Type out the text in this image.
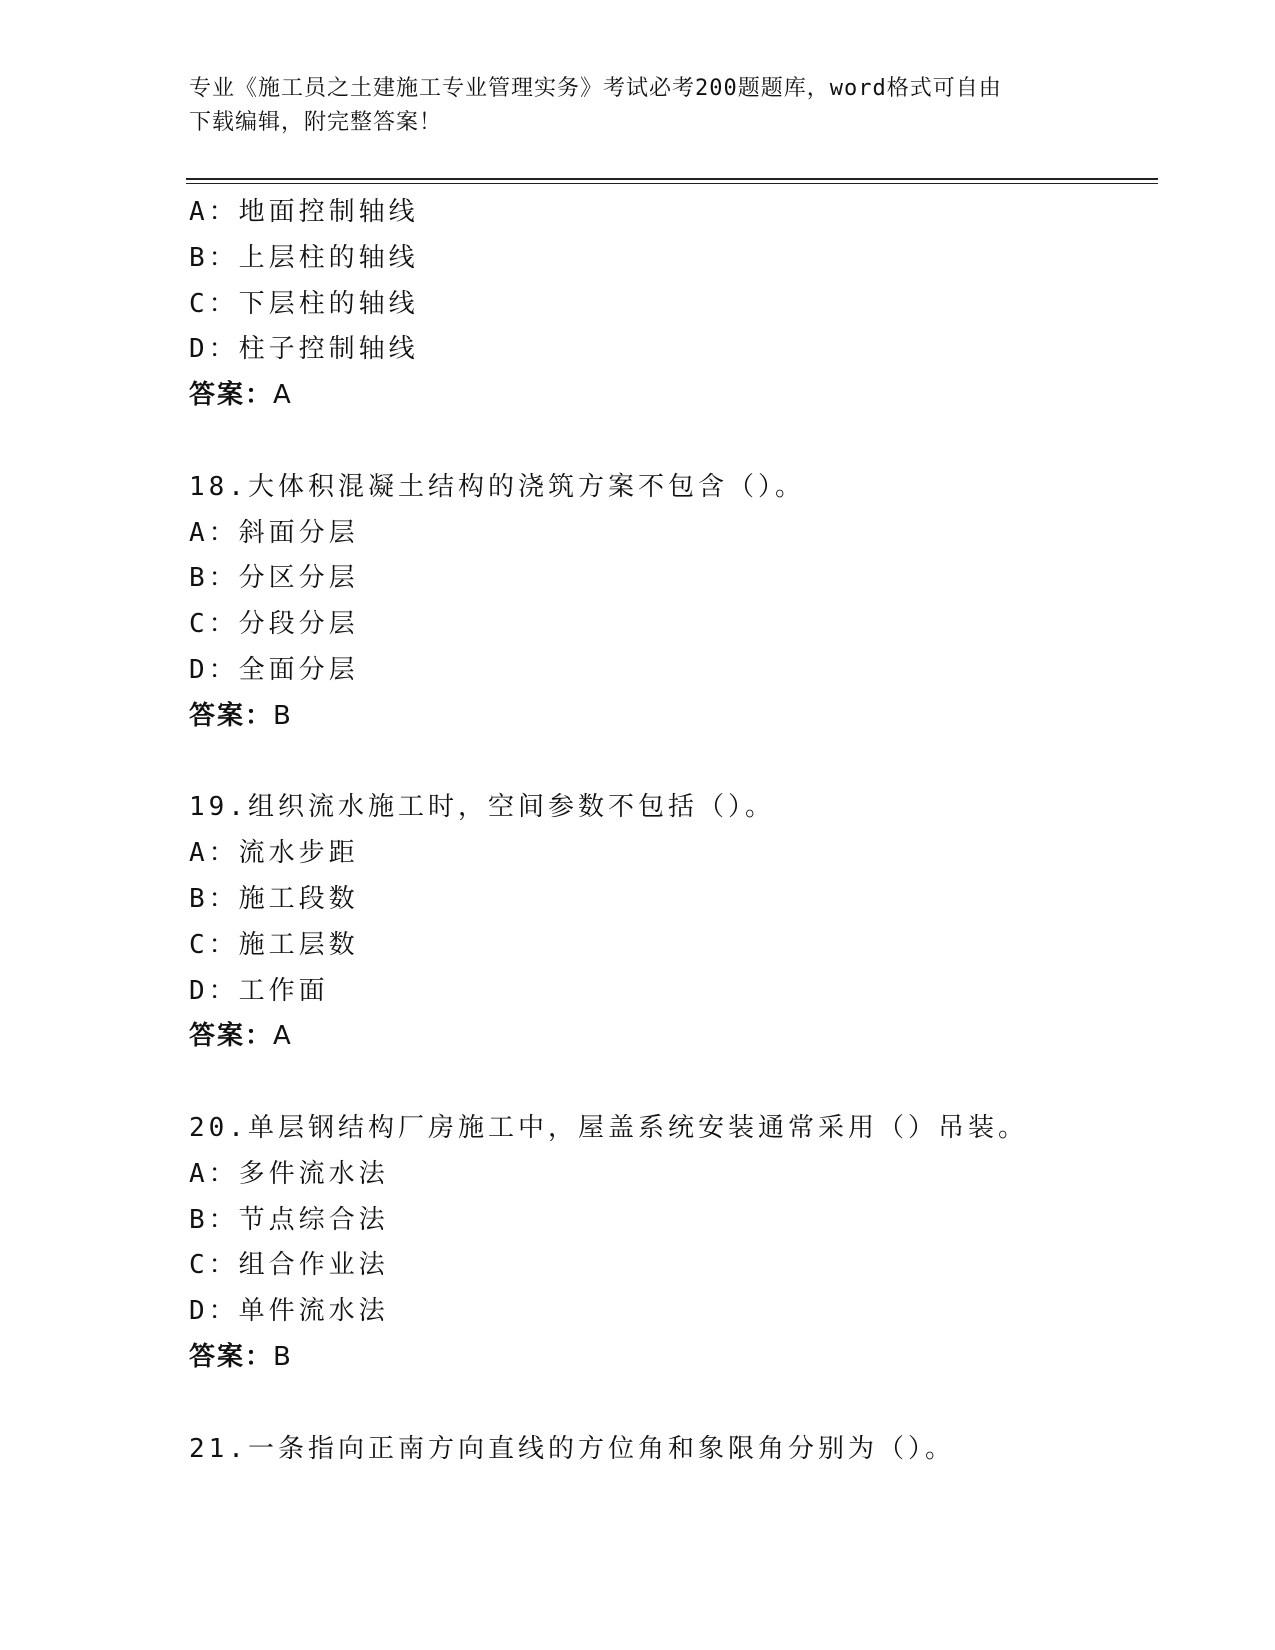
专业《施工员之土建施工专业管理实务》考试必考200题题库，word格式可自由
下载编辑，附完整答案！
A：地面控制轴线
B：上层柱的轴线
C：下层柱的轴线
D：柱子控制轴线
答案：A
18.大体积混凝土结构的浇筑方案不包含（）。
A：斜面分层
B：分区分层
C：分段分层
D：全面分层
答案：B
19.组织流水施工时，空间参数不包括（）。
A：流水步距
B：施工段数
C：施工层数
D：工作面
答案：A
20.单层钢结构厂房施工中，屋盖系统安装通常采用（）吊装。
A：多件流水法
B：节点综合法
C：组合作业法
D：单件流水法
答案：B
21.一条指向正南方向直线的方位角和象限角分别为（）。
